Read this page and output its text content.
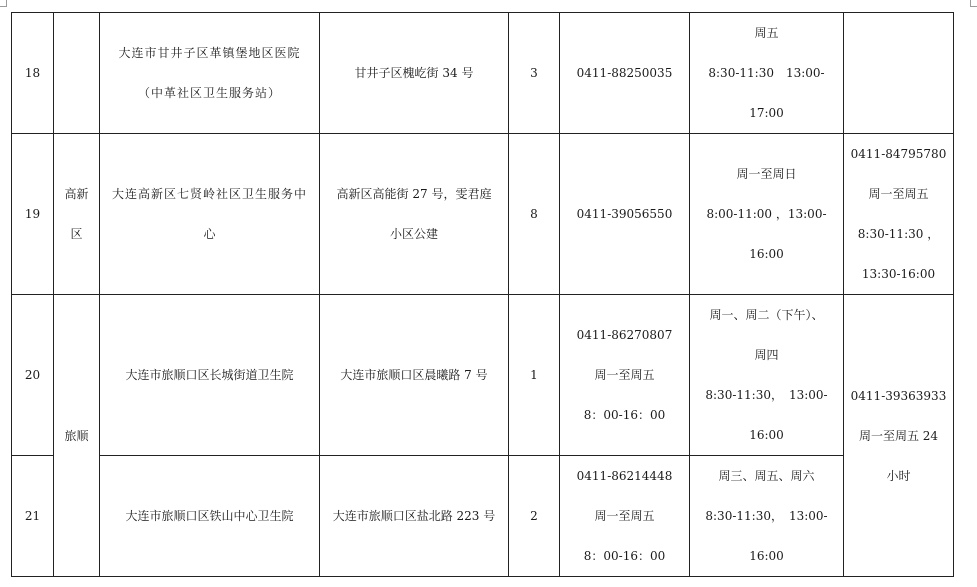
18		大连市甘井子区革镇堡地区医院
（中革社区卫生服务站）	甘井子区槐屹街 34 号	3	0411-88250035	周五
8:30-11:30　13:00-
17:00	

19	高新
区	大连高新区七贤岭社区卫生服务中
心	高新区高能街 27 号，雯君庭
小区公建	8	0411-39056550	周一至周日
8:00-11:00 ，13:00-
16:00	0411-84795780
周一至周五
8:30-11:30 ，
13:30-16:00

20	旅顺	大连市旅顺口区长城街道卫生院	大连市旅顺口区晨曦路 7 号	1	0411-86270807
周一至周五
8：00-16：00	周一、周二（下午）、
周四
8:30-11:30，　13:00-
16:00	0411-39363933
周一至周五 24
小时

21		大连市旅顺口区铁山中心卫生院	大连市旅顺口区盐北路 223 号	2	0411-86214448
周一至周五
8：00-16：00	周三、周五、周六
8:30-11:30，　13:00-
16:00	
